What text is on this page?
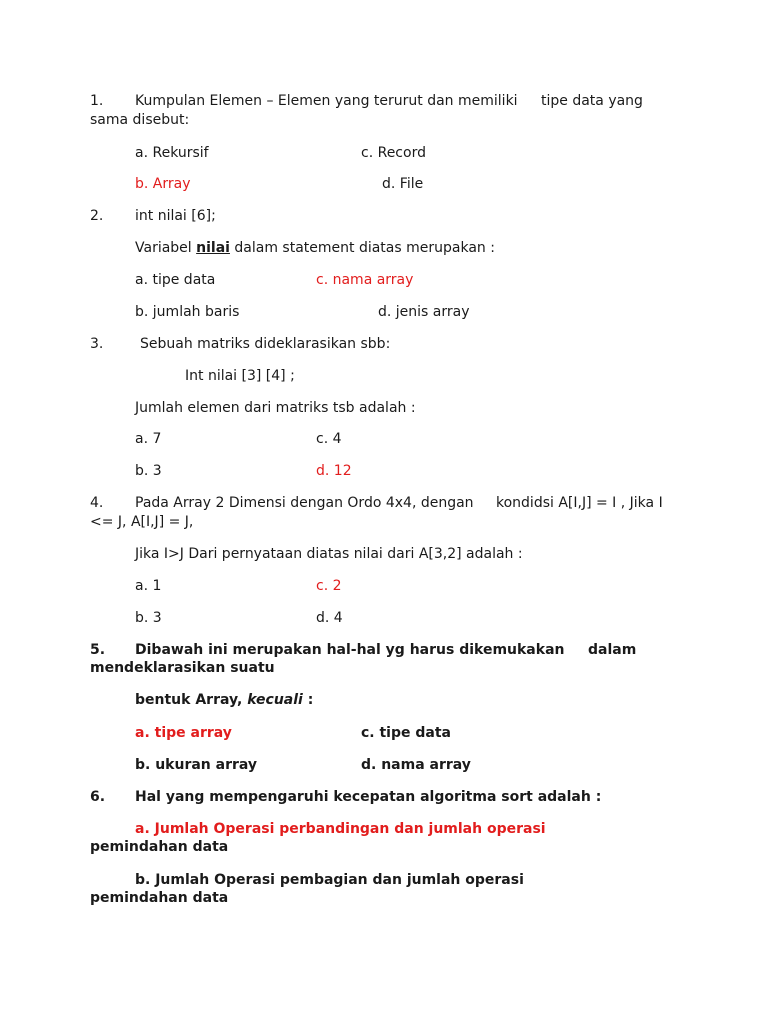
1. Kumpulan Elemen – Elemen yang terurut dan memiliki tipe data yang
sama disebut:
a. Rekursif	c. Record
b. Array	d. File
2. int nilai [6];
Variabel nilai dalam statement diatas merupakan :
a. tipe data	c. nama array
b. jumlah baris	d. jenis array
3.	Sebuah matriks dideklarasikan sbb:
Int nilai [3] [4] ;
Jumlah elemen dari matriks tsb adalah :
a. 7	c. 4
b. 3	d. 12
4. Pada Array 2 Dimensi dengan Ordo 4x4, dengan kondidsi A[I,J] = I , Jika I
<= J, A[I,J] = J,
Jika I>J Dari pernyataan diatas nilai dari A[3,2] adalah :
a. 1	c. 2
b. 3	d. 4
5. Dibawah ini merupakan hal-hal yg harus dikemukakan dalam
mendeklarasikan suatu
bentuk Array, kecuali :
a. tipe array	c. tipe data
b. ukuran array	d. nama array
6. Hal yang mempengaruhi kecepatan algoritma sort adalah :
a. Jumlah Operasi perbandingan dan jumlah operasi
pemindahan data
b. Jumlah Operasi pembagian dan jumlah operasi
pemindahan data
